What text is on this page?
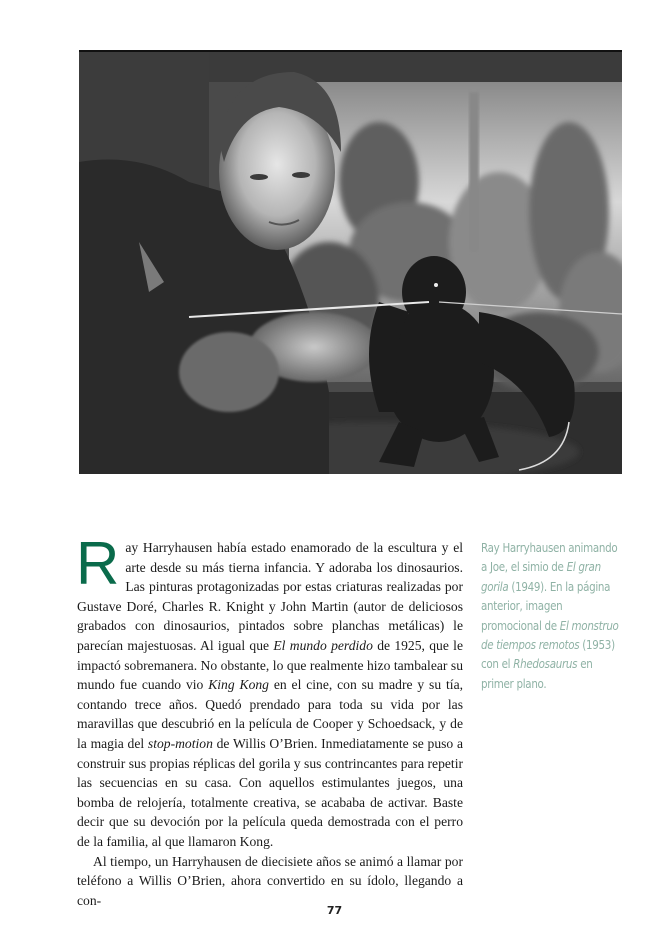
Ray Harryhausen había estado enamorado de la escultura y el arte desde su más tierna infancia. Y adoraba los dinosaurios. Las pinturas protagonizadas por estas criaturas realizadas por Gustave Doré, Charles R. Knight y John Martin (autor de deliciosos grabados con dinosaurios, pintados sobre planchas metálicas) le parecían majestuosas. Al igual que El mundo perdido de 1925, que le impactó sobremanera. No obstante, lo que realmente hizo tambalear su mundo fue cuando vio King Kong en el cine, con su madre y su tía, contando trece años. Quedó prendado para toda su vida por las maravillas que descubrió en la película de Cooper y Schoedsack, y de la magia del stop-motion de Willis O’Brien. Inmediatamente se puso a construir sus propias réplicas del gorila y sus contrincantes para repetir las secuencias en su casa. Con aquellos estimulantes juegos, una bomba de relojería, totalmente creativa, se acababa de activar. Baste decir que su devoción por la película queda demostrada con el perro de la familia, al que llamaron Kong.

Al tiempo, un Harryhausen de diecisiete años se animó a llamar por teléfono a Willis O’Brien, ahora convertido en su ídolo, llegando a con-

Ray Harryhausen animando a Joe, el simio de El gran gorila (1949). En la página anterior, imagen promocional de El monstruo de tiempos remotos (1953) con el Rhedosaurus en primer plano.
77
